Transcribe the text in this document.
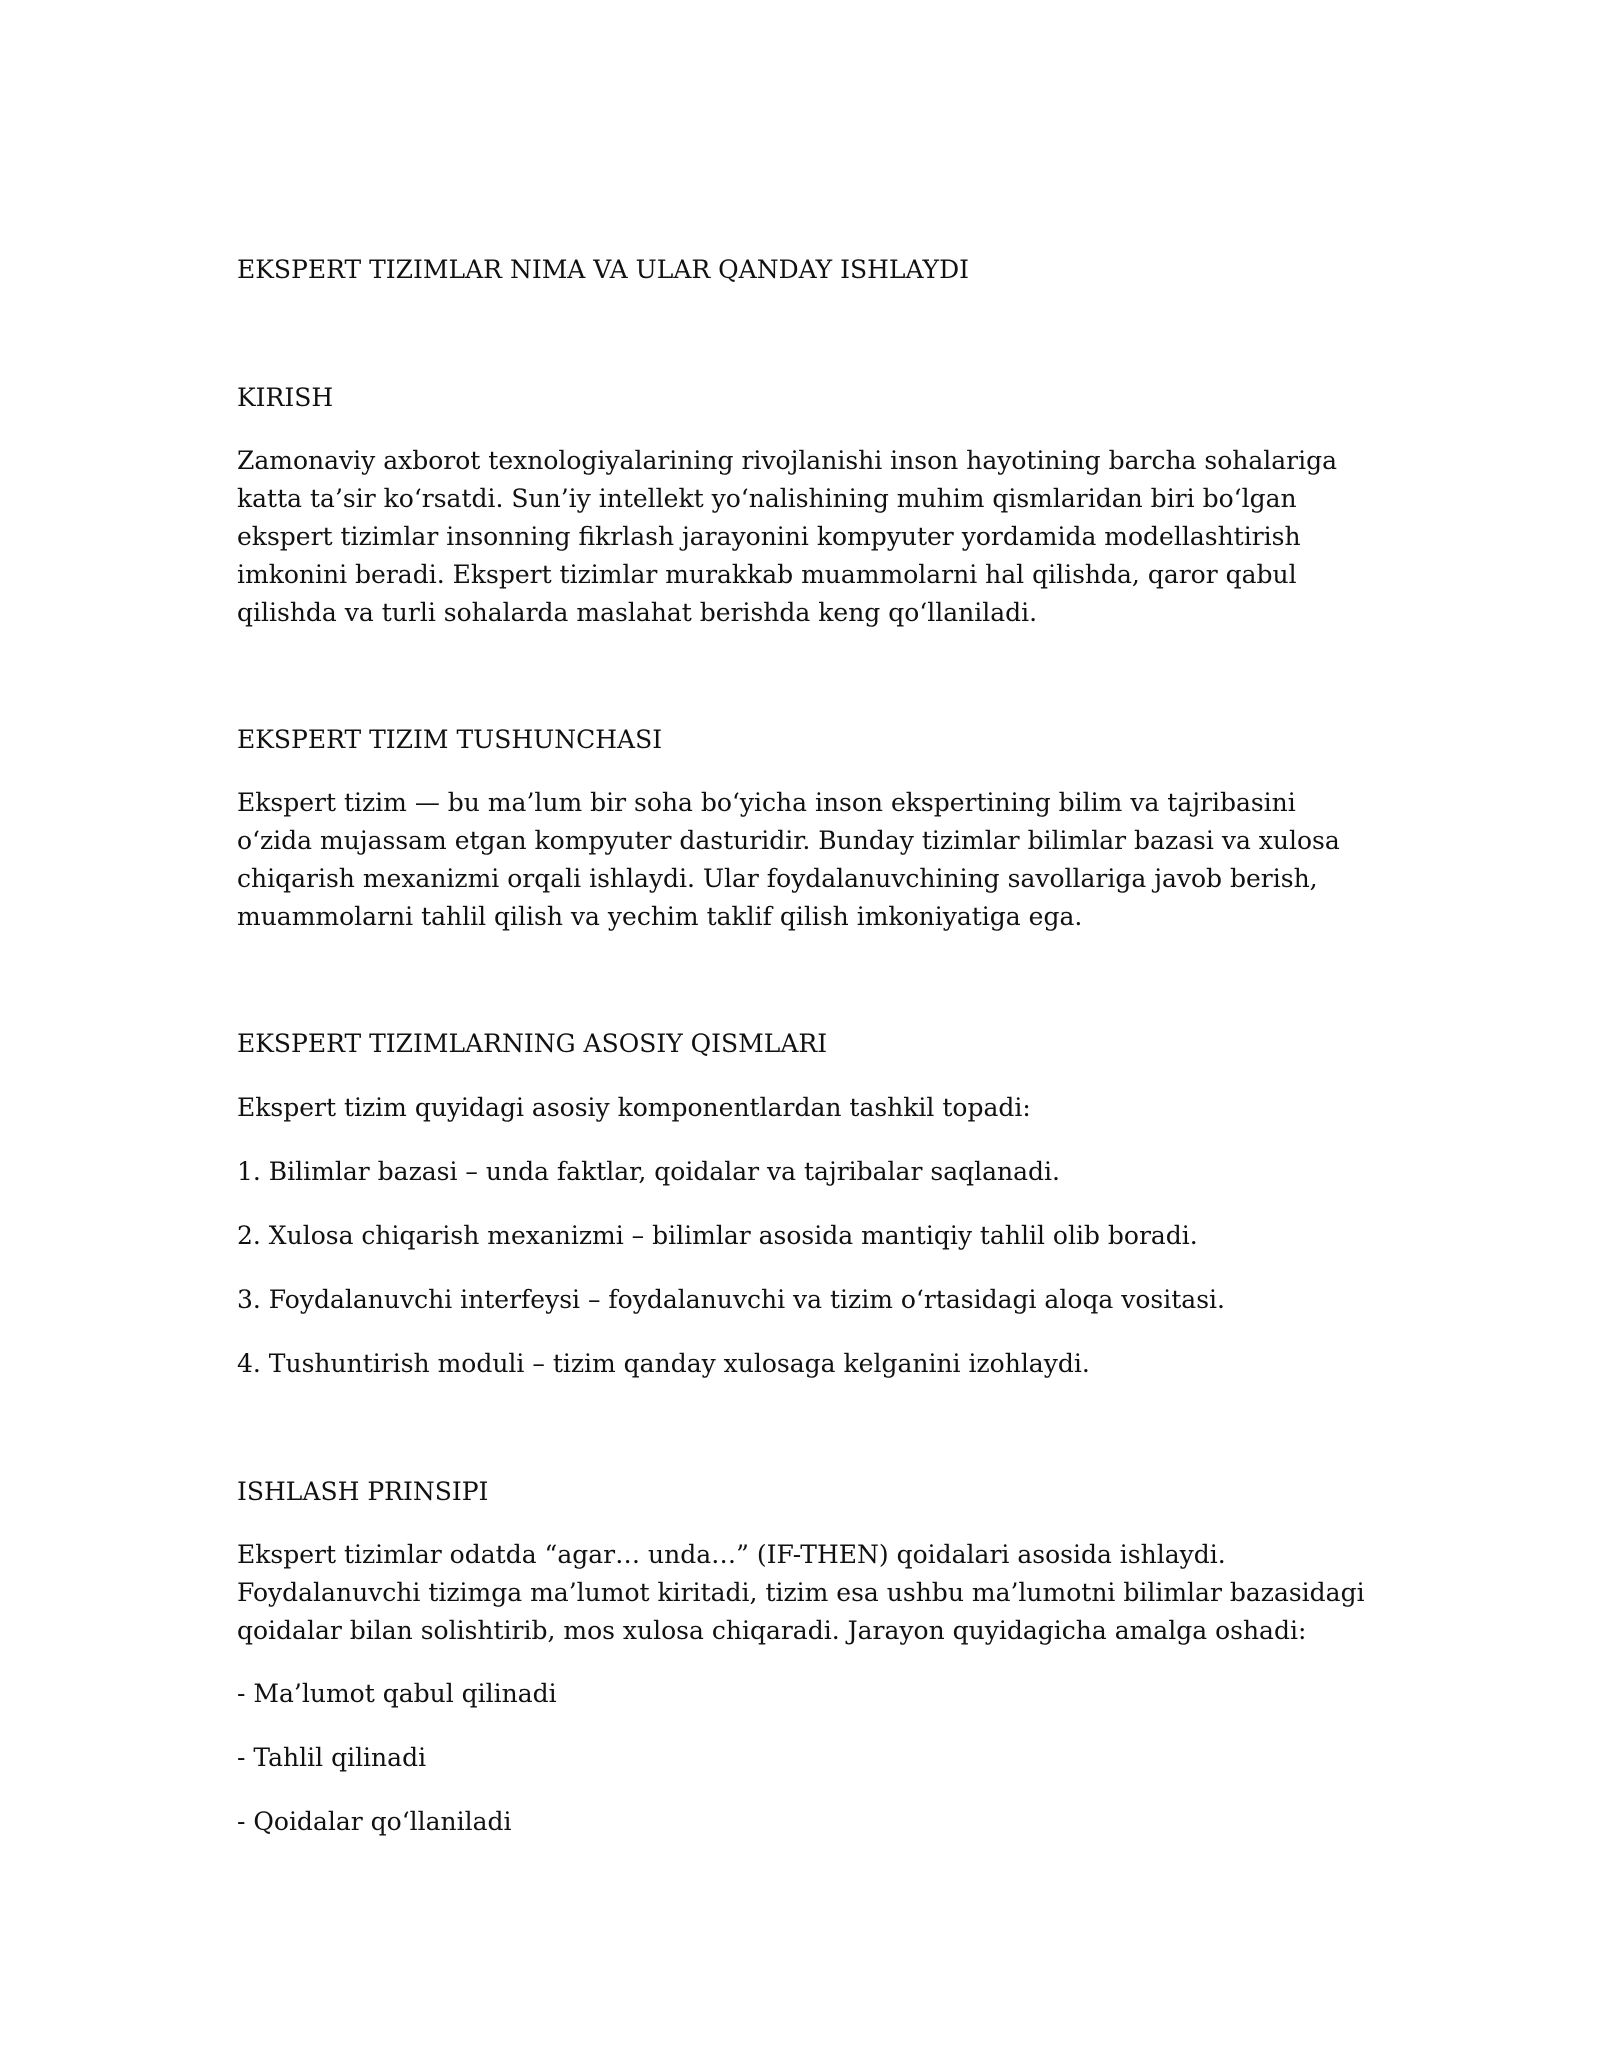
EKSPERT TIZIMLAR NIMA VA ULAR QANDAY ISHLAYDI
KIRISH

Zamonaviy axborot texnologiyalarining rivojlanishi inson hayotining barcha sohalariga katta ta’sir ko‘rsatdi. Sun’iy intellekt yo‘nalishining muhim qismlaridan biri bo‘lgan ekspert tizimlar insonning fikrlash jarayonini kompyuter yordamida modellashtirish imkonini beradi. Ekspert tizimlar murakkab muammolarni hal qilishda, qaror qabul qilishda va turli sohalarda maslahat berishda keng qo‘llaniladi.

EKSPERT TIZIM TUSHUNCHASI

Ekspert tizim — bu ma’lum bir soha bo‘yicha inson ekspertining bilim va tajribasini o‘zida mujassam etgan kompyuter dasturidir. Bunday tizimlar bilimlar bazasi va xulosa chiqarish mexanizmi orqali ishlaydi. Ular foydalanuvchining savollariga javob berish, muammolarni tahlil qilish va yechim taklif qilish imkoniyatiga ega.

EKSPERT TIZIMLARNING ASOSIY QISMLARI

Ekspert tizim quyidagi asosiy komponentlardan tashkil topadi:

1. Bilimlar bazasi – unda faktlar, qoidalar va tajribalar saqlanadi.

2. Xulosa chiqarish mexanizmi – bilimlar asosida mantiqiy tahlil olib boradi.

3. Foydalanuvchi interfeysi – foydalanuvchi va tizim o‘rtasidagi aloqa vositasi.

4. Tushuntirish moduli – tizim qanday xulosaga kelganini izohlaydi.

ISHLASH PRINSIPI

Ekspert tizimlar odatda “agar… unda…” (IF-THEN) qoidalari asosida ishlaydi. Foydalanuvchi tizimga ma’lumot kiritadi, tizim esa ushbu ma’lumotni bilimlar bazasidagi qoidalar bilan solishtirib, mos xulosa chiqaradi. Jarayon quyidagicha amalga oshadi:

- Ma’lumot qabul qilinadi

- Tahlil qilinadi

- Qoidalar qo‘llaniladi
